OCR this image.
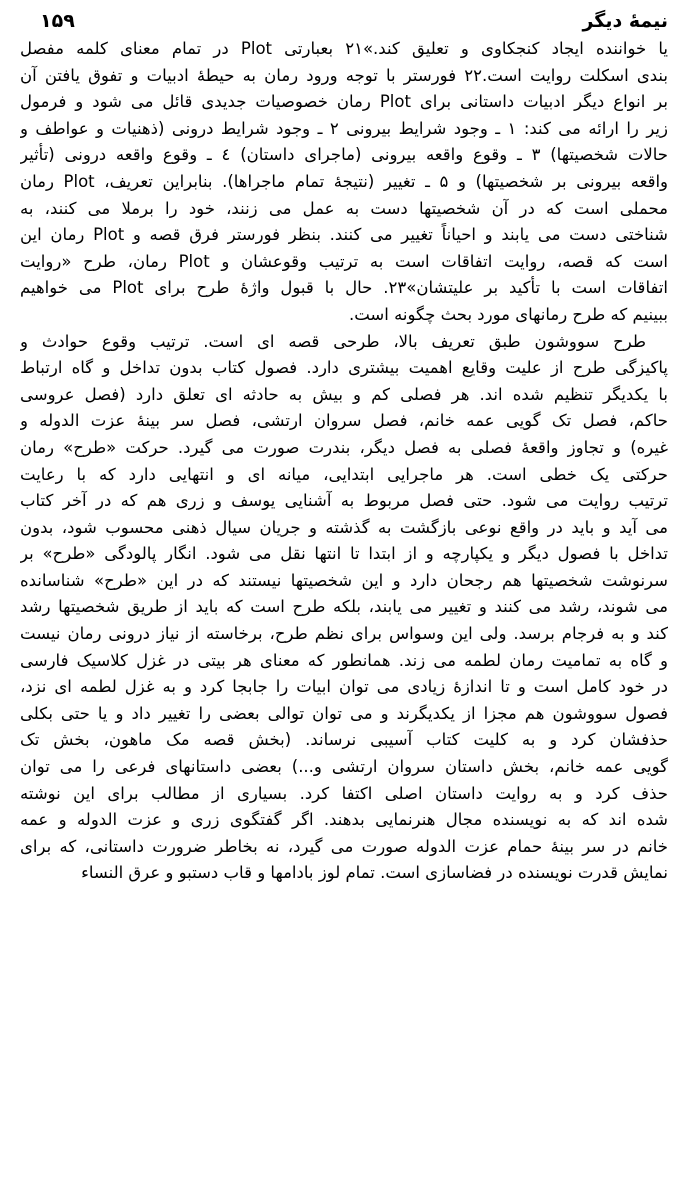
نیمهٔ دیگر
۱۵۹
یا خواننده ایجاد کنجکاوی و تعلیق کند.»۲۱ بعبارتی Plot در تمام معنای کلمه مفصل
بندی اسکلت روایت است.۲۲ فورستر با توجه ورود رمان به حیطهٔ ادبیات و تفوق یافتن آن
بر انواع دیگر ادبیات داستانی برای Plot رمان خصوصیات جدیدی قائل می شود و فرمول
زیر را ارائه می کند: ۱ ـ وجود شرایط بیرونی ۲ ـ وجود شرایط درونی (ذهنیات و عواطف و
حالات شخصیتها) ۳ ـ وقوع واقعه بیرونی (ماجرای داستان) ٤ ـ وقوع واقعه درونی (تأثیر
واقعه بیرونی بر شخصیتها) و ۵ ـ تغییر (نتیجهٔ تمام ماجراها). بنابراین تعریف، Plot رمان
محملی است که در آن شخصیتها دست به عمل می زنند، خود را برملا می کنند، به
شناختی دست می یابند و احیاناً تغییر می کنند. بنظر فورستر فرق قصه و Plot رمان این
است که قصه، روایت اتفاقات است به ترتیب وقوعشان و Plot رمان، طرح «روایت
اتفاقات است با تأکید بر علیتشان»۲۳. حال با قبول واژهٔ طرح برای Plot می خواهیم
ببینیم که طرح رمانهای مورد بحث چگونه است.
طرح سووشون طبق تعریف بالا، طرحی قصه ای است. ترتیب وقوع حوادث و
پاکیزگی طرح از علیت وقایع اهمیت بیشتری دارد. فصول کتاب بدون تداخل و گاه ارتباط
با یکدیگر تنظیم شده اند. هر فصلی کم و بیش به حادثه ای تعلق دارد (فصل عروسی
حاکم، فصل تک گویی عمه خانم، فصل سروان ارتشی، فصل سر بینهٔ عزت الدوله و
غیره) و تجاوز واقعهٔ فصلی به فصل دیگر، بندرت صورت می گیرد. حرکت «طرح» رمان
حرکتی یک خطی است. هر ماجرایی ابتدایی، میانه ای و انتهایی دارد که با رعایت
ترتیب روایت می شود. حتی فصل مربوط به آشنایی یوسف و زری هم که در آخر کتاب
می آید و باید در واقع نوعی بازگشت به گذشته و جریان سیال ذهنی محسوب شود، بدون
تداخل با فصول دیگر و یکپارچه و از ابتدا تا انتها نقل می شود. انگار پالودگی «طرح» بر
سرنوشت شخصیتها هم رجحان دارد و این شخصیتها نیستند که در این «طرح» شناسانده
می شوند، رشد می کنند و تغییر می یابند، بلکه طرح است که باید از طریق شخصیتها رشد
کند و به فرجام برسد. ولی این وسواس برای نظم طرح، برخاسته از نیاز درونی رمان نیست
و گاه به تمامیت رمان لطمه می زند. همانطور که معنای هر بیتی در غزل کلاسیک فارسی
در خود کامل است و تا اندازهٔ زیادی می توان ابیات را جابجا کرد و به غزل لطمه ای نزد،
فصول سووشون هم مجزا از یکدیگرند و می توان توالی بعضی را تغییر داد و یا حتی بکلی
حذفشان کرد و به کلیت کتاب آسیبی نرساند. (بخش قصه مک ماهون، بخش تک
گویی عمه خانم، بخش داستان سروان ارتشی و...) بعضی داستانهای فرعی را می توان
حذف کرد و به روایت داستان اصلی اکتفا کرد. بسیاری از مطالب برای این نوشته
شده اند که به نویسنده مجال هنرنمایی بدهند. اگر گفتگوی زری و عزت الدوله و عمه
خانم در سر بینهٔ حمام عزت الدوله صورت می گیرد، نه بخاطر ضرورت داستانی، که برای
نمایش قدرت نویسنده در فضاسازی است. تمام لوز بادامها و قاب دستبو و عرق النساء
